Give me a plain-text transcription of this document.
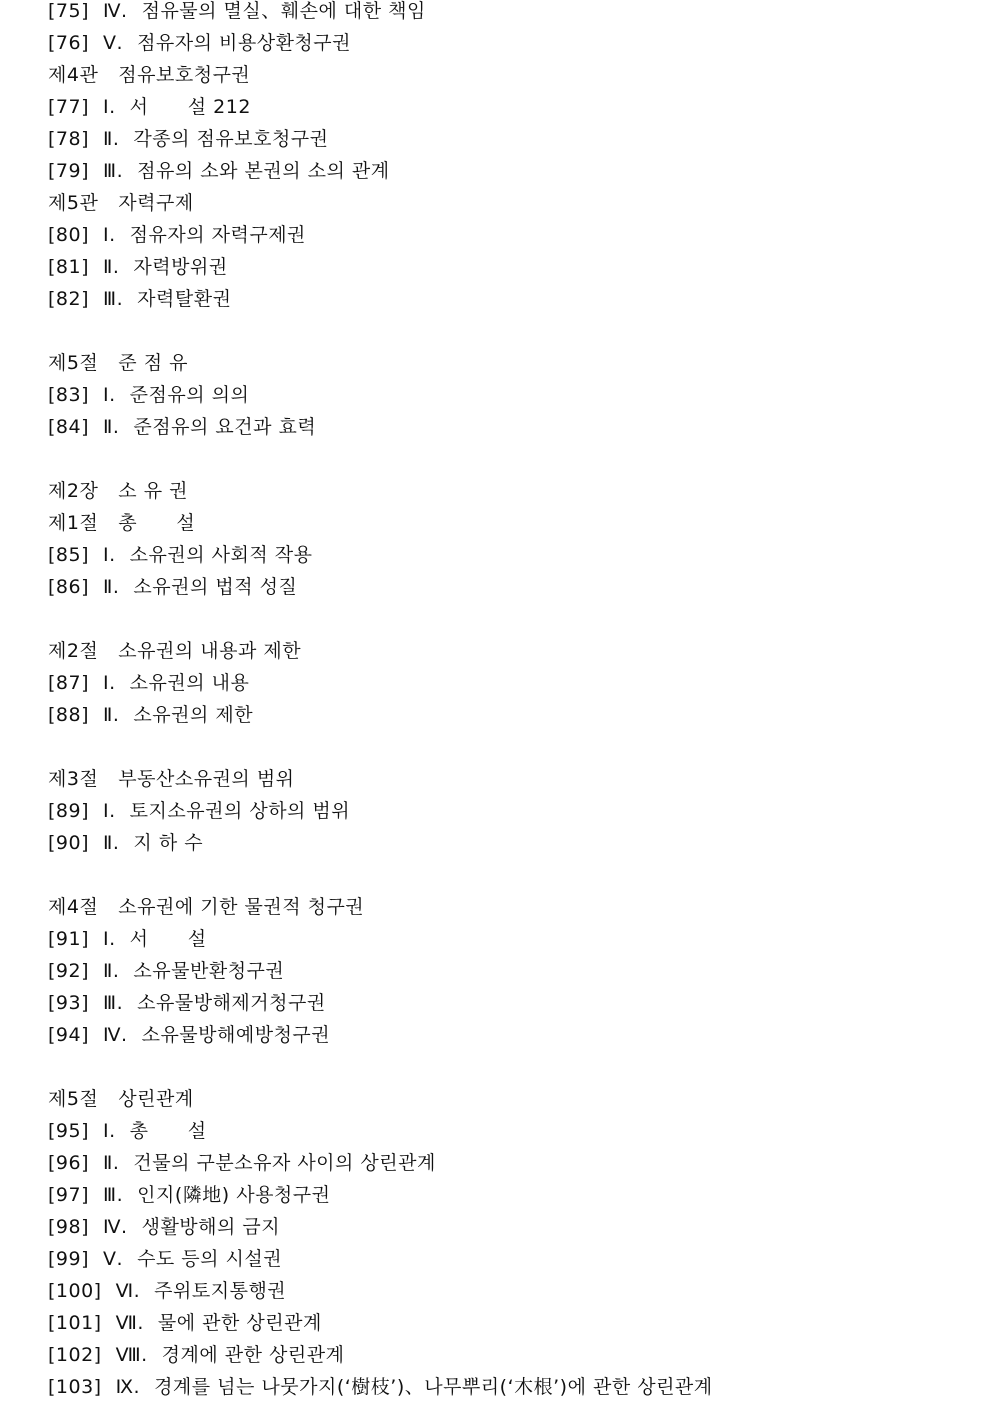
[75] Ⅳ. 점유물의 멸실、훼손에 대한 책임
[76] Ⅴ. 점유자의 비용상환청구권
제4관 점유보호청구권
[77] Ⅰ. 서      설 212
[78] Ⅱ. 각종의 점유보호청구권
[79] Ⅲ. 점유의 소와 본권의 소의 관계
제5관 자력구제
[80] Ⅰ. 점유자의 자력구제권
[81] Ⅱ. 자력방위권
[82] Ⅲ. 자력탈환권
제5절 준 점 유
[83] Ⅰ. 준점유의 의의
[84] Ⅱ. 준점유의 요건과 효력
제2장 소 유 권
제1절 총      설
[85] Ⅰ. 소유권의 사회적 작용
[86] Ⅱ. 소유권의 법적 성질
제2절 소유권의 내용과 제한
[87] Ⅰ. 소유권의 내용
[88] Ⅱ. 소유권의 제한
제3절 부동산소유권의 범위
[89] Ⅰ. 토지소유권의 상하의 범위
[90] Ⅱ. 지 하 수
제4절 소유권에 기한 물권적 청구권
[91] Ⅰ. 서      설
[92] Ⅱ. 소유물반환청구권
[93] Ⅲ. 소유물방해제거청구권
[94] Ⅳ. 소유물방해예방청구권
제5절 상린관계
[95] Ⅰ. 총      설
[96] Ⅱ. 건물의 구분소유자 사이의 상린관계
[97] Ⅲ. 인지(隣地) 사용청구권
[98] Ⅳ. 생활방해의 금지
[99] Ⅴ. 수도 등의 시설권
[100] Ⅵ. 주위토지통행권
[101] Ⅶ. 물에 관한 상린관계
[102] Ⅷ. 경계에 관한 상린관계
[103] Ⅸ. 경계를 넘는 나뭇가지(‘樹枝’)、나무뿌리(‘木根’)에 관한 상린관계
